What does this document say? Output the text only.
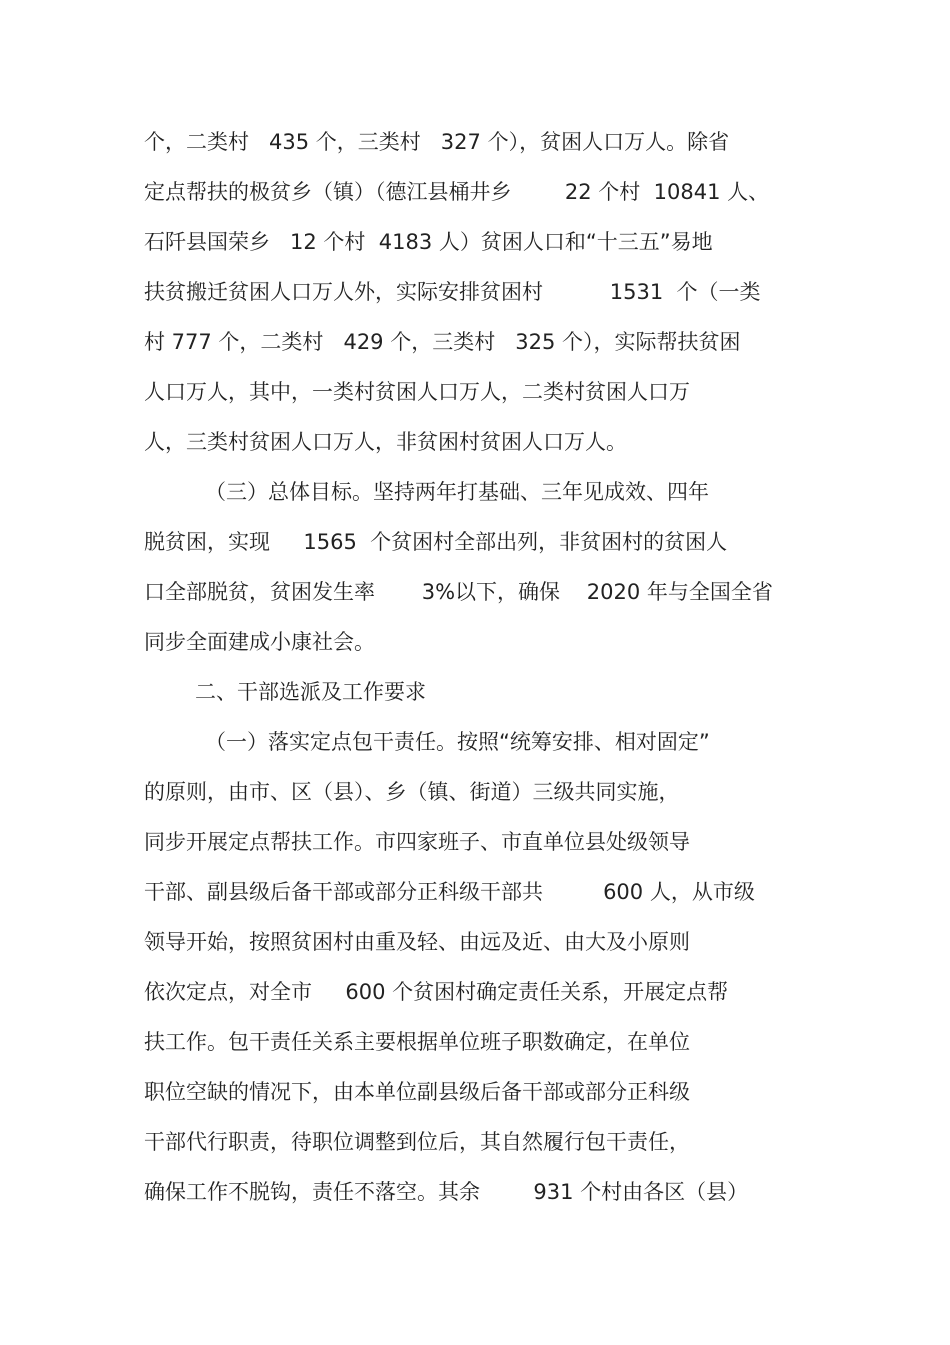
个，二类村   435 个，三类村   327 个），贫困人口万人。除省
定点帮扶的极贫乡（镇）（德江县桶井乡        22 个村  10841 人、
石阡县国荣乡   12 个村  4183 人）贫困人口和“十三五”易地
扶贫搬迁贫困人口万人外，实际安排贫困村          1531  个（一类
村 777 个，二类村   429 个，三类村   325 个），实际帮扶贫困
人口万人，其中，一类村贫困人口万人，二类村贫困人口万
人，三类村贫困人口万人，非贫困村贫困人口万人。
（三）总体目标。坚持两年打基础、三年见成效、四年
脱贫困，实现     1565  个贫困村全部出列，非贫困村的贫困人
口全部脱贫，贫困发生率       3%以下，确保    2020 年与全国全省
同步全面建成小康社会。
二、干部选派及工作要求
（一）落实定点包干责任。按照“统筹安排、相对固定”
的原则，由市、区（县）、乡（镇、街道）三级共同实施，
同步开展定点帮扶工作。市四家班子、市直单位县处级领导
干部、副县级后备干部或部分正科级干部共         600 人，从市级
领导开始，按照贫困村由重及轻、由远及近、由大及小原则
依次定点，对全市     600 个贫困村确定责任关系，开展定点帮
扶工作。包干责任关系主要根据单位班子职数确定，在单位
职位空缺的情况下，由本单位副县级后备干部或部分正科级
干部代行职责，待职位调整到位后，其自然履行包干责任，
确保工作不脱钩，责任不落空。其余        931 个村由各区（县）
